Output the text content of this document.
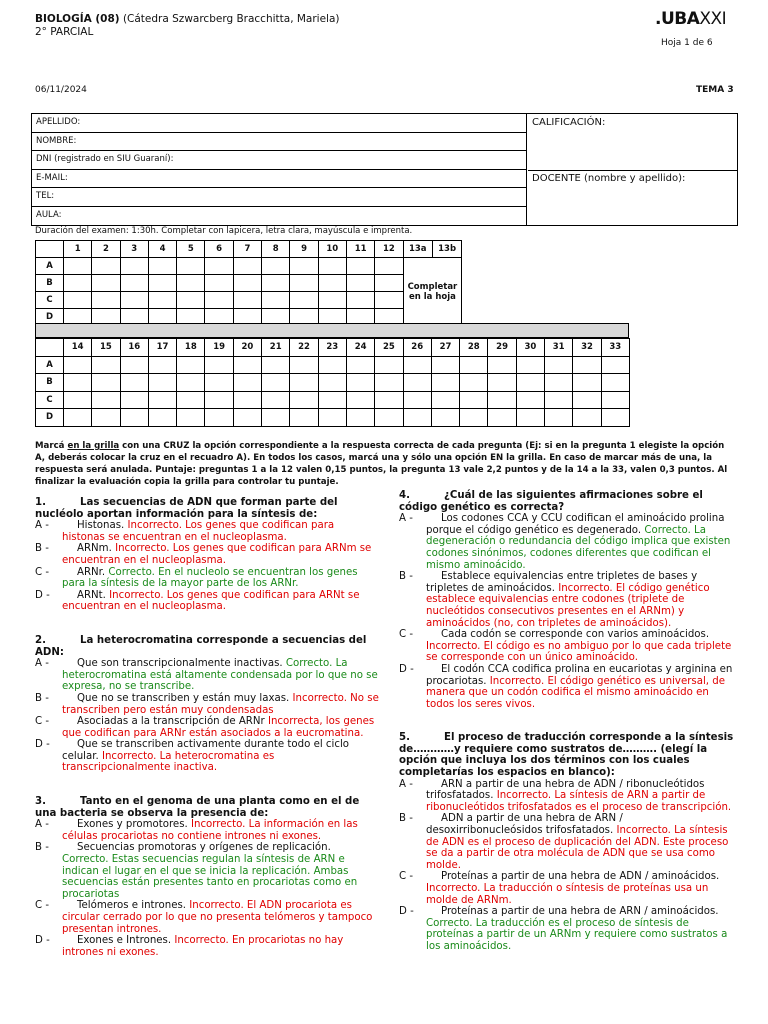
BIOLOGÍA (08) (Cátedra Szwarcberg Bracchitta, Mariela)
2° PARCIAL
.UBAXXI
Hoja 1 de 6
06/11/2024	TEMA 3
APELLIDO:
NOMBRE:
DNI (registrado en SIU Guaraní):
E-MAIL:
TEL:
AULA:
CALIFICACIÓN:
DOCENTE (nombre y apellido):
Duración del examen: 1:30h. Completar con lapicera, letra clara, mayúscula e imprenta.
	1	2	3	4	5	6	7	8	9	10	11	12	13a	13b
A													Completar en la hoja	
B														
C														
D														
	14	15	16	17	18	19	20	21	22	23	24	25	26	27	28	29	30	31	32	33
A																				
B																				
C																				
D																				
Marcá en la grilla con una CRUZ la opción correspondiente a la respuesta correcta de cada pregunta (Ej: si en la pregunta 1 elegiste la opción A, deberás colocar la cruz en el recuadro A). En todos los casos, marcá una y sólo una opción EN la grilla. En caso de marcar más de una, la respuesta será anulada. Puntaje: preguntas 1 a la 12 valen 0,15 puntos, la pregunta 13 vale 2,2 puntos y de la 14 a la 33, valen 0,3 puntos. Al finalizar la evaluación copia la grilla para controlar tu puntaje.
1.	Las secuencias de ADN que forman parte del nucléolo aportan información para la síntesis de:
A -	Histonas. Incorrecto. Los genes que codifican para histonas se encuentran en el nucleoplasma.
B -	ARNm. Incorrecto. Los genes que codifican para ARNm se encuentran en el nucleoplasma.
C -	ARNr. Correcto. En el nucleolo se encuentran los genes para la síntesis de la mayor parte de los ARNr.
D -	ARNt. Incorrecto. Los genes que codifican para ARNt se encuentran en el nucleoplasma.
2.	La heterocromatina corresponde a secuencias del ADN:
A -	Que son transcripcionalmente inactivas. Correcto. La heterocromatina está altamente condensada por lo que no se expresa, no se transcribe.
B -	Que no se transcriben y están muy laxas. Incorrecto. No se transcriben pero están muy condensadas
C -	Asociadas a la transcripción de ARNr Incorrecta, los genes que codifican para ARNr están asociados a la eucromatina.
D -	Que se transcriben activamente durante todo el ciclo celular. Incorrecto. La heterocromatina es transcripcionalmente inactiva.
3.	Tanto en el genoma de una planta como en el de una bacteria se observa la presencia de:
A -	Exones y promotores. Incorrecto. La información en las células procariotas no contiene intrones ni exones.
B -	Secuencias promotoras y orígenes de replicación. Correcto. Estas secuencias regulan la síntesis de ARN e indican el lugar en el que se inicia la replicación. Ambas secuencias están presentes tanto en procariotas como en procariotas
C -	Telómeros e intrones. Incorrecto. El ADN procariota es circular cerrado por lo que no presenta telómeros y tampoco presentan intrones.
D -	Exones e Intrones. Incorrecto. En procariotas no hay intrones ni exones.
4.	¿Cuál de las siguientes afirmaciones sobre el código genético es correcta?
A -	Los codones CCA y CCU codifican el aminoácido prolina porque el código genético es degenerado. Correcto. La degeneración o redundancia del código implica que existen codones sinónimos, codones diferentes que codifican el mismo aminoácido.
B -	Establece equivalencias entre tripletes de bases y tripletes de aminoácidos. Incorrecto. El código genético establece equivalencias entre codones (triplete de nucleótidos consecutivos presentes en el ARNm) y aminoácidos (no, con tripletes de aminoácidos).
C -	Cada codón se corresponde con varios aminoácidos. Incorrecto. El código es no ambiguo por lo que cada triplete se corresponde con un único aminoácido.
D -	El codón CCA codifica prolina en eucariotas y arginina en procariotas. Incorrecto. El código genético es universal, de manera que un codón codifica el mismo aminoácido en todos los seres vivos.
5.	El proceso de traducción corresponde a la síntesis de…………y requiere como sustratos de………. (elegí la opción que incluya los dos términos con los cuales completarías los espacios en blanco):
A -	ARN a partir de una hebra de ADN / ribonucleótidos trifosfatados. Incorrecto. La síntesis de ARN a partir de ribonucleótidos trifosfatados es el proceso de transcripción.
B -	ADN a partir de una hebra de ARN / desoxirribonucleósidos trifosfatados. Incorrecto. La síntesis de ADN es el proceso de duplicación del ADN. Este proceso se da a partir de otra molécula de ADN que se usa como molde.
C -	Proteínas a partir de una hebra de ADN / aminoácidos. Incorrecto. La traducción o síntesis de proteínas usa un molde de ARNm.
D -	Proteínas a partir de una hebra de ARN / aminoácidos. Correcto. La traducción es el proceso de síntesis de proteínas a partir de un ARNm y requiere como sustratos a los aminoácidos.
